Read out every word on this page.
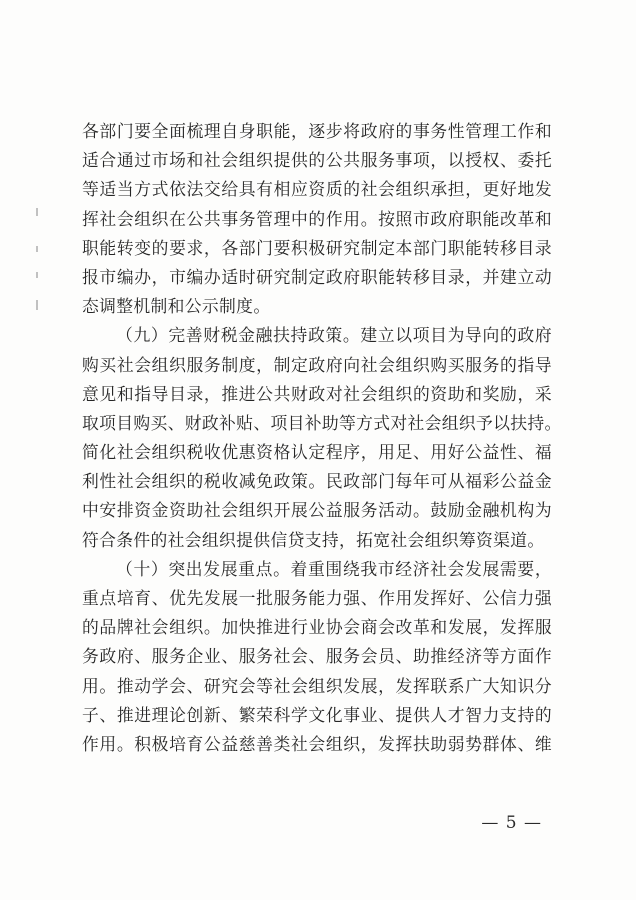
各部门要全面梳理自身职能，逐步将政府的事务性管理工作和
适合通过市场和社会组织提供的公共服务事项，以授权、委托
等适当方式依法交给具有相应资质的社会组织承担，更好地发
挥社会组织在公共事务管理中的作用。按照市政府职能改革和
职能转变的要求，各部门要积极研究制定本部门职能转移目录
报市编办，市编办适时研究制定政府职能转移目录，并建立动
态调整机制和公示制度。
（九）完善财税金融扶持政策。建立以项目为导向的政府
购买社会组织服务制度，制定政府向社会组织购买服务的指导
意见和指导目录，推进公共财政对社会组织的资助和奖励，采
取项目购买、财政补贴、项目补助等方式对社会组织予以扶持。
简化社会组织税收优惠资格认定程序，用足、用好公益性、福
利性社会组织的税收减免政策。民政部门每年可从福彩公益金
中安排资金资助社会组织开展公益服务活动。鼓励金融机构为
符合条件的社会组织提供信贷支持，拓宽社会组织筹资渠道。
（十）突出发展重点。着重围绕我市经济社会发展需要，
重点培育、优先发展一批服务能力强、作用发挥好、公信力强
的品牌社会组织。加快推进行业协会商会改革和发展，发挥服
务政府、服务企业、服务社会、服务会员、助推经济等方面作
用。推动学会、研究会等社会组织发展，发挥联系广大知识分
子、推进理论创新、繁荣科学文化事业、提供人才智力支持的
作用。积极培育公益慈善类社会组织，发挥扶助弱势群体、维
— 5 —
